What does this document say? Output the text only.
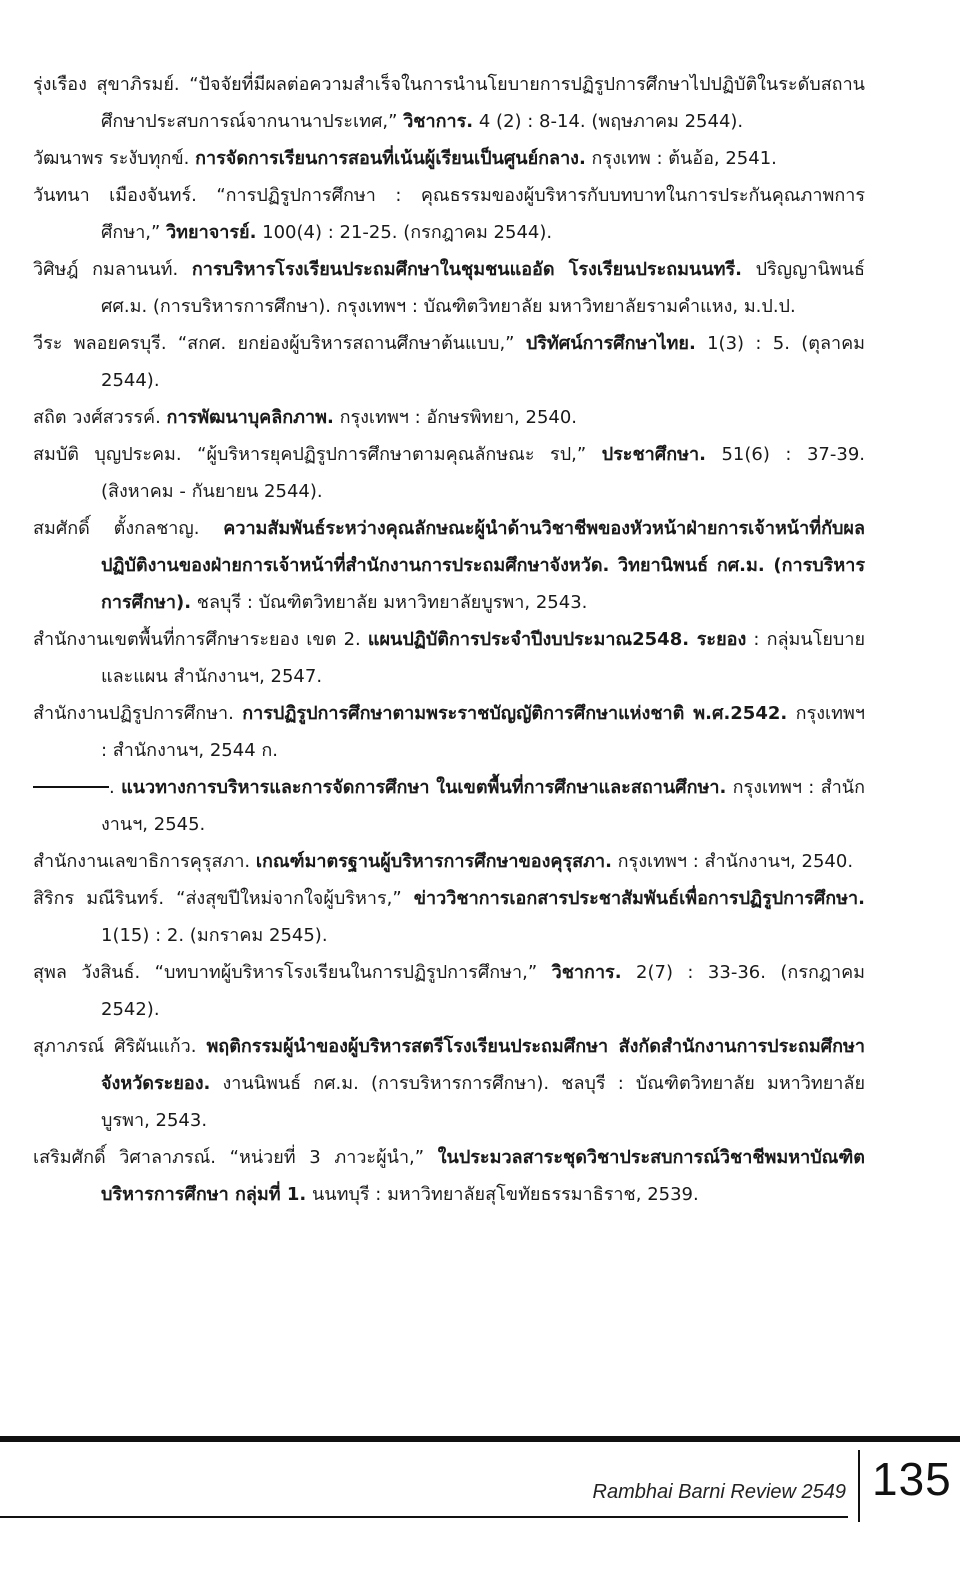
รุ่งเรือง สุขาภิรมย์. “ปัจจัยที่มีผลต่อความสำเร็จในการนำนโยบายการปฏิรูปการศึกษาไปปฏิบัติในระดับสถานศึกษาประสบการณ์จากนานาประเทศ,” วิชาการ. 4 (2) : 8-14. (พฤษภาคม 2544).

วัฒนาพร ระงับทุกข์. การจัดการเรียนการสอนที่เน้นผู้เรียนเป็นศูนย์กลาง. กรุงเทพ : ต้นอ้อ, 2541.

วันทนา เมืองจันทร์. “การปฏิรูปการศึกษา : คุณธรรมของผู้บริหารกับบทบาทในการประกันคุณภาพการศึกษา,” วิทยาจารย์. 100(4) : 21-25. (กรกฎาคม 2544).

วิศิษฎ์ กมลานนท์. การบริหารโรงเรียนประถมศึกษาในชุมชนแออัด โรงเรียนประถมนนทรี. ปริญญานิพนธ์ ศศ.ม. (การบริหารการศึกษา). กรุงเทพฯ : บัณฑิตวิทยาลัย มหาวิทยาลัยรามคำแหง, ม.ป.ป.

วีระ พลอยครบุรี. “สกศ. ยกย่องผู้บริหารสถานศึกษาต้นแบบ,” ปริทัศน์การศึกษาไทย. 1(3) : 5. (ตุลาคม 2544).

สถิต วงศ์สวรรค์. การพัฒนาบุคลิกภาพ. กรุงเทพฯ : อักษรพิทยา, 2540.

สมบัติ บุญประคม. “ผู้บริหารยุคปฏิรูปการศึกษาตามคุณลักษณะ รป,” ประชาศึกษา. 51(6) : 37-39. (สิงหาคม - กันยายน 2544).

สมศักดิ์ ตั้งกลชาญ. ความสัมพันธ์ระหว่างคุณลักษณะผู้นำด้านวิชาชีพของหัวหน้าฝ่ายการเจ้าหน้าที่กับผลปฏิบัติงานของฝ่ายการเจ้าหน้าที่สำนักงานการประถมศึกษาจังหวัด. วิทยานิพนธ์ กศ.ม. (การบริหารการศึกษา). ชลบุรี : บัณฑิตวิทยาลัย มหาวิทยาลัยบูรพา, 2543.

สำนักงานเขตพื้นที่การศึกษาระยอง เขต 2. แผนปฏิบัติการประจำปีงบประมาณ2548. ระยอง : กลุ่มนโยบายและแผน สำนักงานฯ, 2547.

สำนักงานปฏิรูปการศึกษา. การปฏิรูปการศึกษาตามพระราชบัญญัติการศึกษาแห่งชาติ พ.ศ.2542. กรุงเทพฯ : สำนักงานฯ, 2544 ก.

. แนวทางการบริหารและการจัดการศึกษา ในเขตพื้นที่การศึกษาและสถานศึกษา. กรุงเทพฯ : สำนักงานฯ, 2545.

สำนักงานเลขาธิการคุรุสภา. เกณฑ์มาตรฐานผู้บริหารการศึกษาของคุรุสภา. กรุงเทพฯ : สำนักงานฯ, 2540.

สิริกร มณีรินทร์. “ส่งสุขปีใหม่จากใจผู้บริหาร,” ข่าววิชาการเอกสารประชาสัมพันธ์เพื่อการปฏิรูปการศึกษา. 1(15) : 2. (มกราคม 2545).

สุพล วังสินธ์. “บทบาทผู้บริหารโรงเรียนในการปฏิรูปการศึกษา,” วิชาการ. 2(7) : 33-36. (กรกฎาคม 2542).

สุภาภรณ์ ศิริผันแก้ว. พฤติกรรมผู้นำของผู้บริหารสตรีโรงเรียนประถมศึกษา สังกัดสำนักงานการประถมศึกษาจังหวัดระยอง. งานนิพนธ์ กศ.ม. (การบริหารการศึกษา). ชลบุรี : บัณฑิตวิทยาลัย มหาวิทยาลัยบูรพา, 2543.

เสริมศักดิ์ วิศาลาภรณ์. “หน่วยที่ 3 ภาวะผู้นำ,” ในประมวลสาระชุดวิชาประสบการณ์วิชาชีพมหาบัณฑิตบริหารการศึกษา กลุ่มที่ 1. นนทบุรี : มหาวิทยาลัยสุโขทัยธรรมาธิราช, 2539.

Rambhai Barni Review 2549 135
